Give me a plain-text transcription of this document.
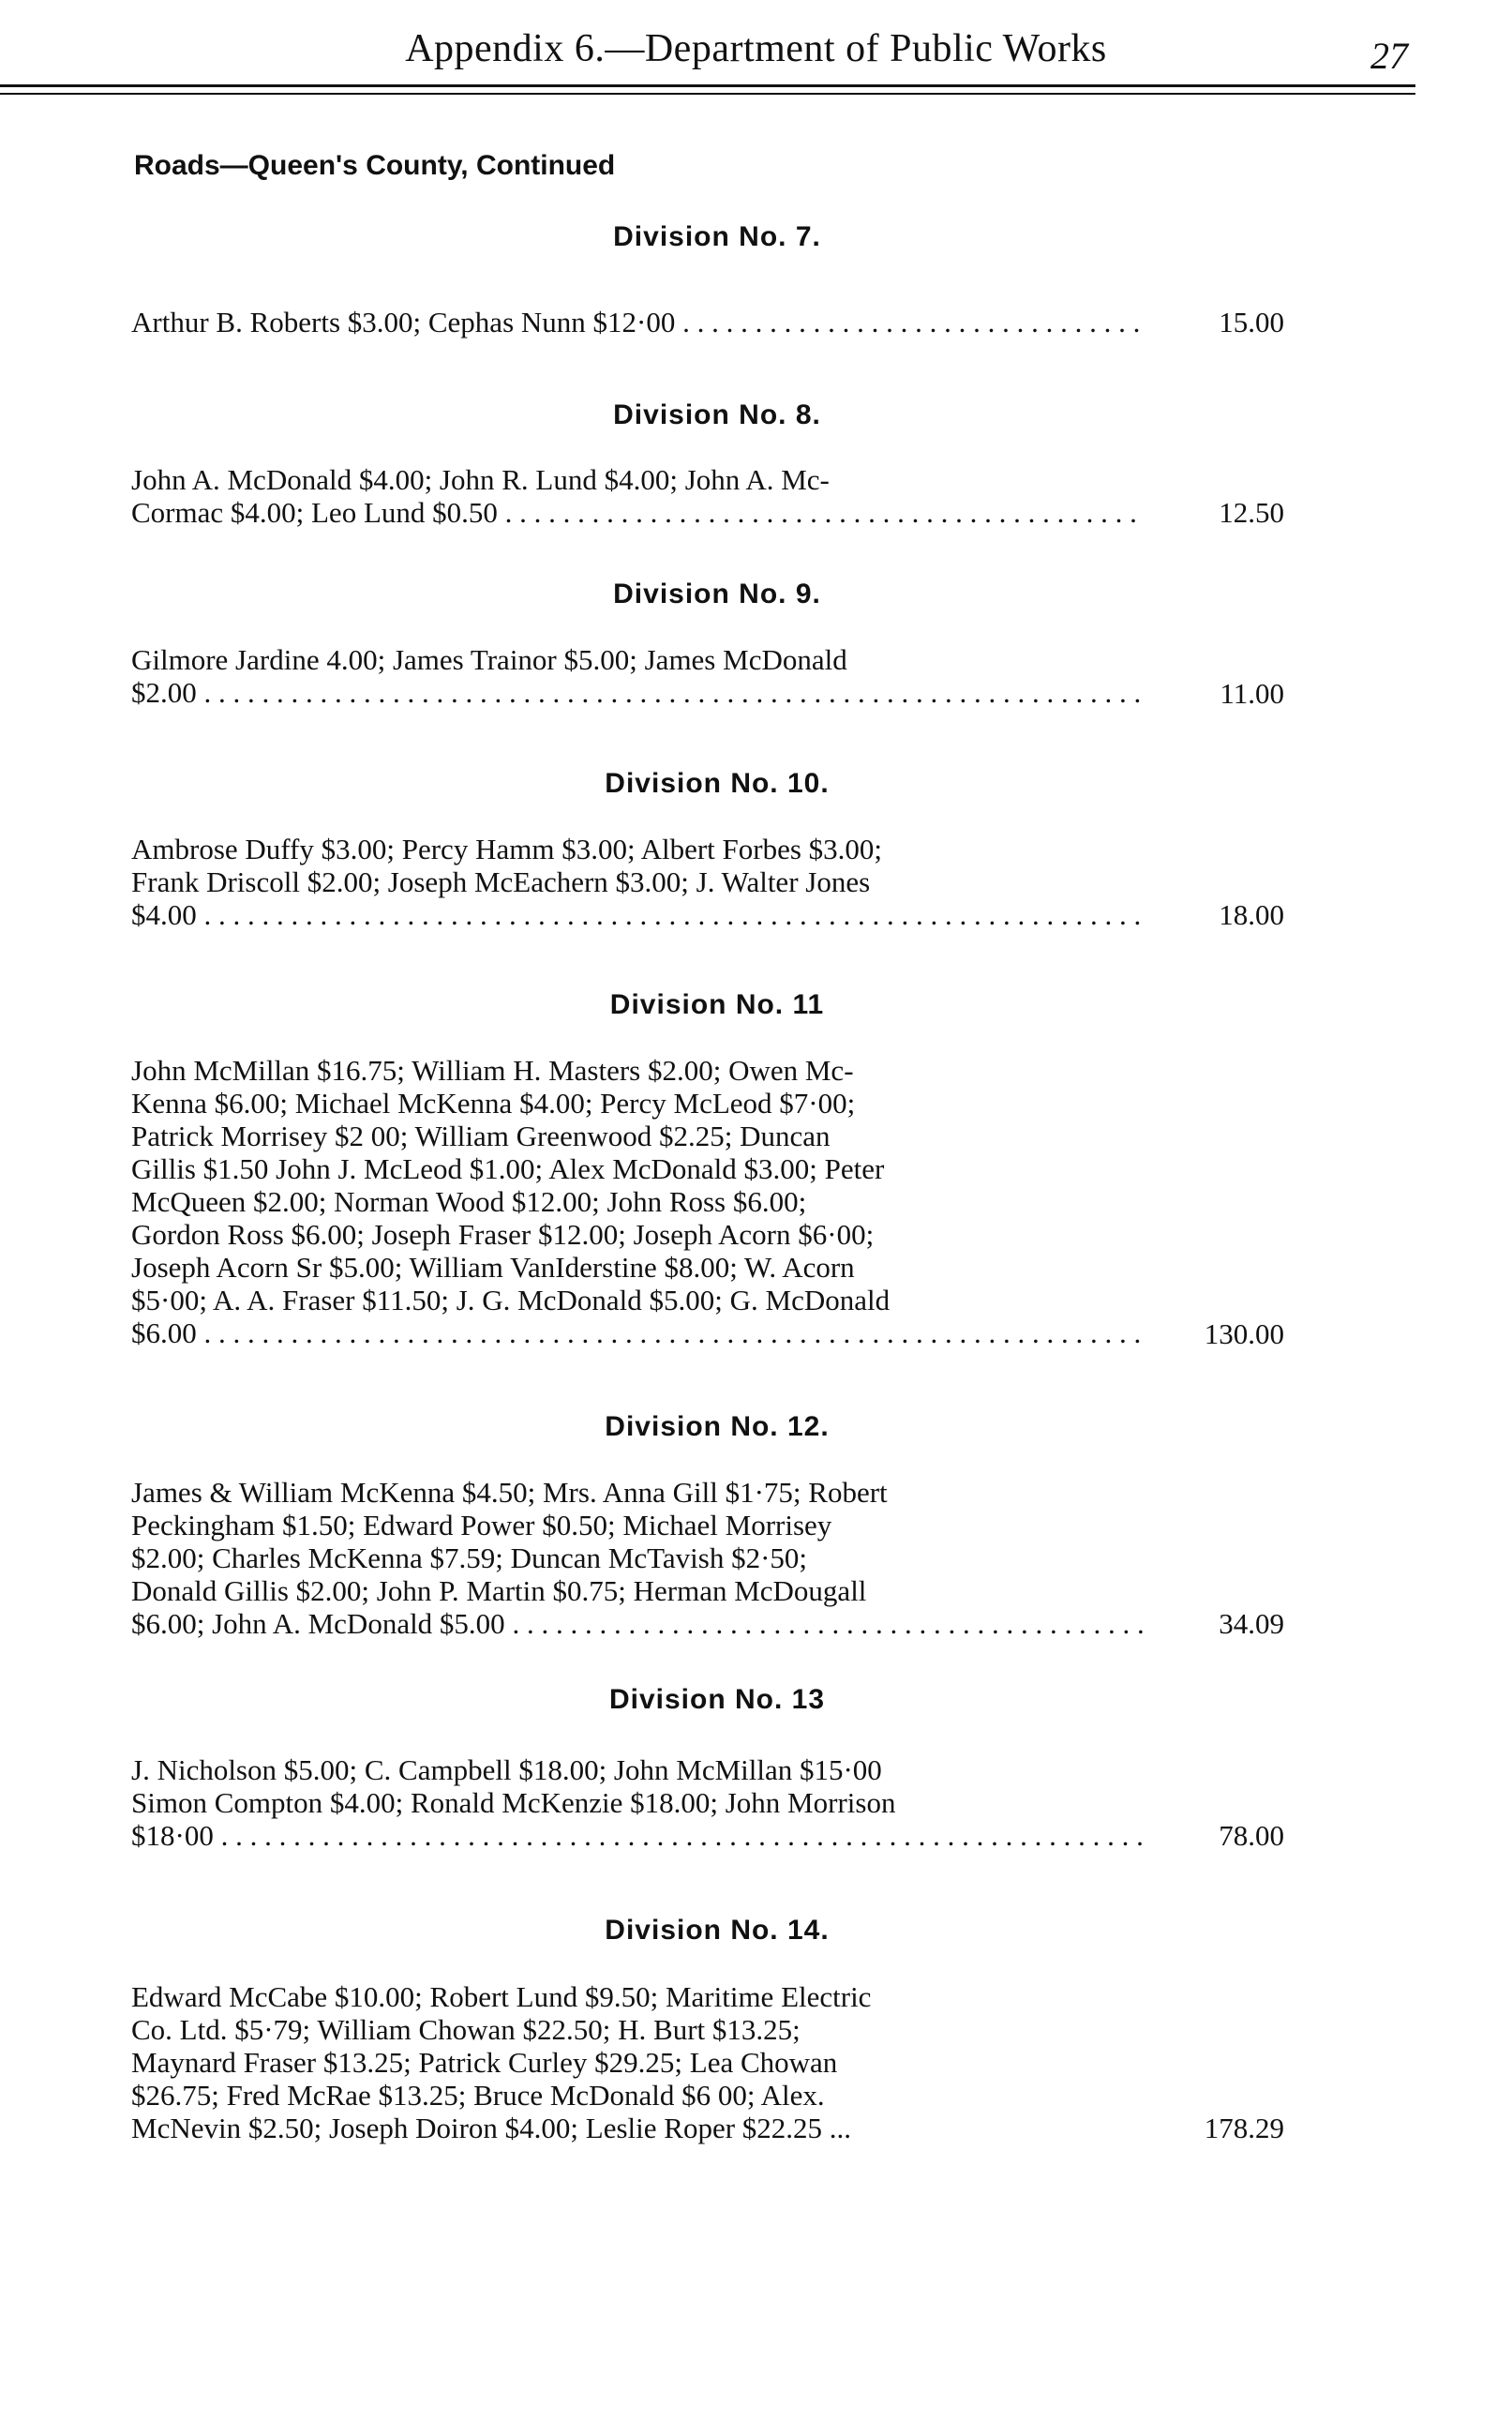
Appendix 6.—Department of Public Works	27
Roads—Queen's County, Continued
Division No. 7.
Arthur B. Roberts $3.00; Cephas Nunn $12·00 . . .	15.00
Division No. 8.
John A. McDonald $4.00; John R. Lund $4.00; John A. Mc-
Cormac $4.00; Leo Lund $0.50 . . .	12.50
Division No. 9.
Gilmore Jardine 4.00; James Trainor $5.00; James McDonald
$2.00 . . .	11.00
Division No. 10.
Ambrose Duffy $3.00; Percy Hamm $3.00; Albert Forbes $3.00;
Frank Driscoll $2.00; Joseph McEachern $3.00; J. Walter Jones
$4.00 . . .	18.00
Division No. 11
John McMillan $16.75; William H. Masters $2.00; Owen Mc-
Kenna $6.00; Michael McKenna $4.00; Percy McLeod $7·00;
Patrick Morrisey $2 00; William Greenwood $2.25; Duncan
Gillis $1.50 John J. McLeod $1.00; Alex McDonald $3.00; Peter
McQueen $2.00; Norman Wood $12.00; John Ross $6.00;
Gordon Ross $6.00; Joseph Fraser $12.00; Joseph Acorn $6·00;
Joseph Acorn Sr $5.00; William VanIderstine $8.00; W. Acorn
$5·00; A. A. Fraser $11.50; J. G. McDonald $5.00; G. McDonald
$6.00 . . .	130.00
Division No. 12.
James & William McKenna $4.50; Mrs. Anna Gill $1·75; Robert
Peckingham $1.50; Edward Power $0.50; Michael Morrisey
$2.00; Charles McKenna $7.59; Duncan McTavish $2·50;
Donald Gillis $2.00; John P. Martin $0.75; Herman McDougall
$6.00; John A. McDonald $5.00 . . .	34.09
Division No. 13
J. Nicholson $5.00; C. Campbell $18.00; John McMillan $15·00
Simon Compton $4.00; Ronald McKenzie $18.00; John Morrison
$18·00 . . .	78.00
Division No. 14.
Edward McCabe $10.00; Robert Lund $9.50; Maritime Electric
Co. Ltd. $5·79; William Chowan $22.50; H. Burt $13.25;
Maynard Fraser $13.25; Patrick Curley $29.25; Lea Chowan
$26.75; Fred McRae $13.25; Bruce McDonald $6 00; Alex.
McNevin $2.50; Joseph Doiron $4.00; Leslie Roper $22.25 ...	178.29
